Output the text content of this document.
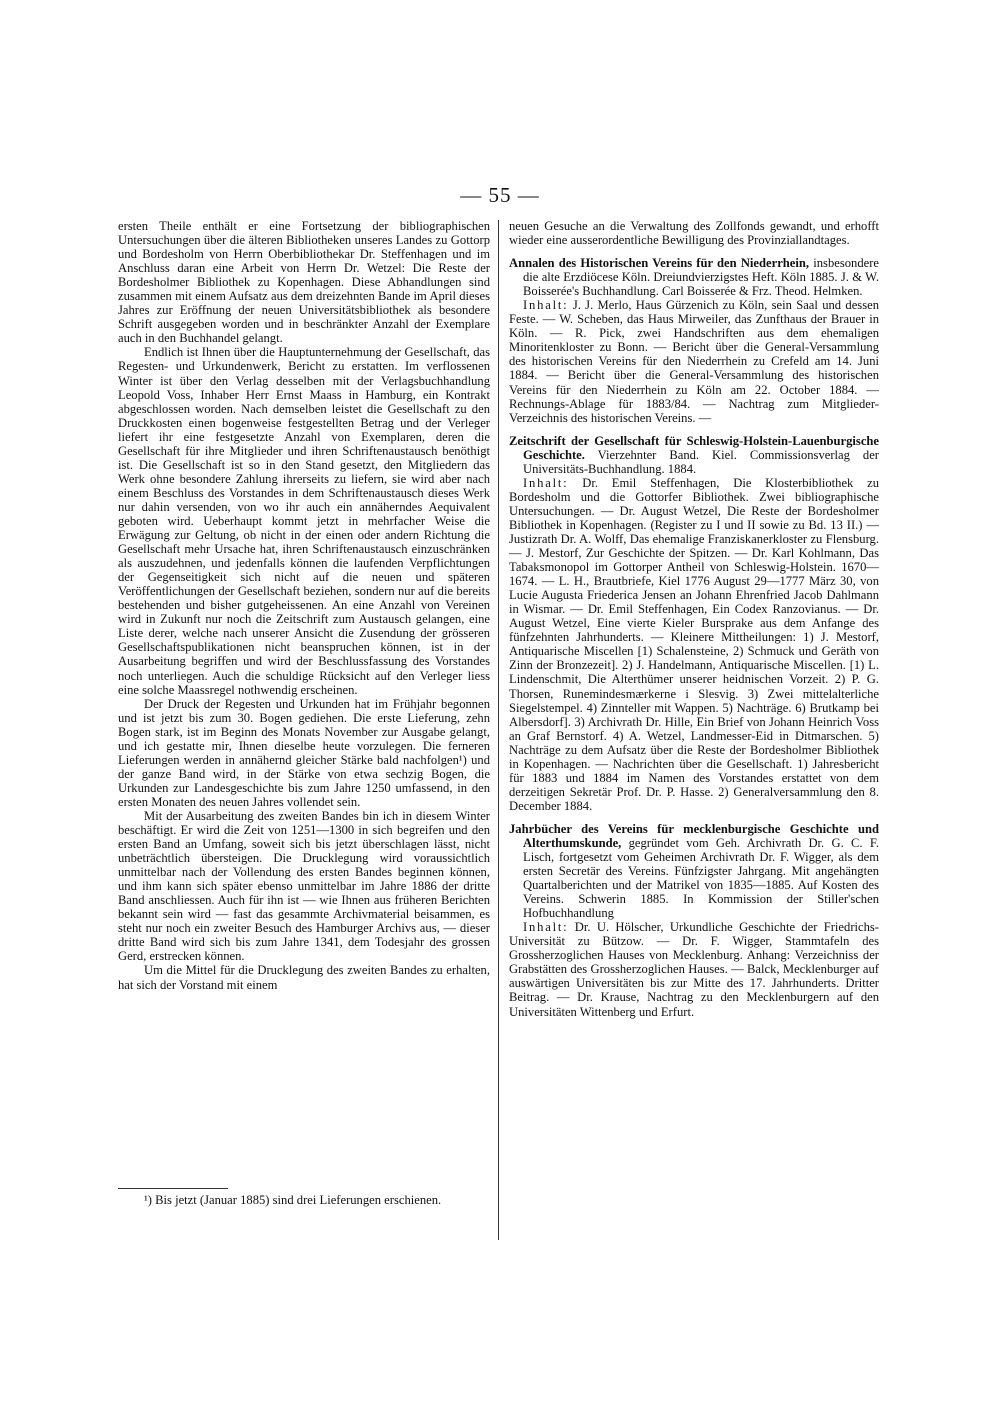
— 55 —

ersten Theile enthält er eine Fortsetzung der bibliographischen Untersuchungen über die älteren Bibliotheken unseres Landes zu Gottorp und Bordesholm von Herrn Oberbibliothekar Dr. Steffenhagen und im Anschluss daran eine Arbeit von Herrn Dr. Wetzel: Die Reste der Bordesholmer Bibliothek zu Kopenhagen. Diese Abhandlungen sind zusammen mit einem Aufsatz aus dem dreizehnten Bande im April dieses Jahres zur Eröffnung der neuen Universitätsbibliothek als besondere Schrift ausgegeben worden und in beschränkter Anzahl der Exemplare auch in den Buchhandel gelangt.

Endlich ist Ihnen über die Hauptunternehmung der Gesellschaft, das Regesten- und Urkundenwerk, Bericht zu erstatten. Im verflossenen Winter ist über den Verlag desselben mit der Verlagsbuchhandlung Leopold Voss, Inhaber Herr Ernst Maass in Hamburg, ein Kontrakt abgeschlossen worden. Nach demselben leistet die Gesellschaft zu den Druckkosten einen bogenweise festgestellten Betrag und der Verleger liefert ihr eine festgesetzte Anzahl von Exemplaren, deren die Gesellschaft für ihre Mitglieder und ihren Schriftenaustausch benöthigt ist. Die Gesellschaft ist so in den Stand gesetzt, den Mitgliedern das Werk ohne besondere Zahlung ihrerseits zu liefern, sie wird aber nach einem Beschluss des Vorstandes in dem Schriftenaustausch dieses Werk nur dahin versenden, von wo ihr auch ein annäherndes Aequivalent geboten wird. Ueberhaupt kommt jetzt in mehrfacher Weise die Erwägung zur Geltung, ob nicht in der einen oder andern Richtung die Gesellschaft mehr Ursache hat, ihren Schriftenaustausch einzuschränken als auszudehnen, und jedenfalls können die laufenden Verpflichtungen der Gegenseitigkeit sich nicht auf die neuen und späteren Veröffentlichungen der Gesellschaft beziehen, sondern nur auf die bereits bestehenden und bisher gutgeheissenen. An eine Anzahl von Vereinen wird in Zukunft nur noch die Zeitschrift zum Austausch gelangen, eine Liste derer, welche nach unserer Ansicht die Zusendung der grösseren Gesellschaftspublikationen nicht beanspruchen können, ist in der Ausarbeitung begriffen und wird der Beschlussfassung des Vorstandes noch unterliegen. Auch die schuldige Rücksicht auf den Verleger liess eine solche Maassregel nothwendig erscheinen.

Der Druck der Regesten und Urkunden hat im Frühjahr begonnen und ist jetzt bis zum 30. Bogen gediehen. Die erste Lieferung, zehn Bogen stark, ist im Beginn des Monats November zur Ausgabe gelangt, und ich gestatte mir, Ihnen dieselbe heute vorzulegen. Die ferneren Lieferungen werden in annähernd gleicher Stärke bald nachfolgen¹) und der ganze Band wird, in der Stärke von etwa sechzig Bogen, die Urkunden zur Landesgeschichte bis zum Jahre 1250 umfassend, in den ersten Monaten des neuen Jahres vollendet sein.

Mit der Ausarbeitung des zweiten Bandes bin ich in diesem Winter beschäftigt. Er wird die Zeit von 1251—1300 in sich begreifen und den ersten Band an Umfang, soweit sich bis jetzt überschlagen lässt, nicht unbeträchtlich übersteigen. Die Drucklegung wird voraussichtlich unmittelbar nach der Vollendung des ersten Bandes beginnen können, und ihm kann sich später ebenso unmittelbar im Jahre 1886 der dritte Band anschliessen. Auch für ihn ist — wie Ihnen aus früheren Berichten bekannt sein wird — fast das gesammte Archivmaterial beisammen, es steht nur noch ein zweiter Besuch des Hamburger Archivs aus, — dieser dritte Band wird sich bis zum Jahre 1341, dem Todesjahr des grossen Gerd, erstrecken können.

Um die Mittel für die Drucklegung des zweiten Bandes zu erhalten, hat sich der Vorstand mit einem

¹) Bis jetzt (Januar 1885) sind drei Lieferungen erschienen.

neuen Gesuche an die Verwaltung des Zollfonds gewandt, und erhofft wieder eine ausserordentliche Bewilligung des Provinziallandtages.

Annalen des Historischen Vereins für den Niederrhein, insbesondere die alte Erzdiöcese Köln. Dreiundvierzigstes Heft. Köln 1885. J. & W. Boisserée's Buchhandlung. Carl Boisserée & Frz. Theod. Helmken.

Inhalt: J. J. Merlo, Haus Gürzenich zu Köln, sein Saal und dessen Feste. — W. Scheben, das Haus Mirweiler, das Zunfthaus der Brauer in Köln. — R. Pick, zwei Handschriften aus dem ehemaligen Minoritenkloster zu Bonn. — Bericht über die General-Versammlung des historischen Vereins für den Niederrhein zu Crefeld am 14. Juni 1884. — Bericht über die General-Versammlung des historischen Vereins für den Niederrhein zu Köln am 22. October 1884. — Rechnungs-Ablage für 1883/84. — Nachtrag zum Mitglieder-Verzeichnis des historischen Vereins. —

Zeitschrift der Gesellschaft für Schleswig-Holstein-Lauenburgische Geschichte. Vierzehnter Band. Kiel. Commissionsverlag der Universitäts-Buchhandlung. 1884.

Inhalt: Dr. Emil Steffenhagen, Die Klosterbibliothek zu Bordesholm und die Gottorfer Bibliothek. Zwei bibliographische Untersuchungen. — Dr. August Wetzel, Die Reste der Bordesholmer Bibliothek in Kopenhagen. (Register zu I und II sowie zu Bd. 13 II.) — Justizrath Dr. A. Wolff, Das ehemalige Franziskanerkloster zu Flensburg. — J. Mestorf, Zur Geschichte der Spitzen. — Dr. Karl Kohlmann, Das Tabaksmonopol im Gottorper Antheil von Schleswig-Holstein. 1670—1674. — L. H., Brautbriefe, Kiel 1776 August 29—1777 März 30, von Lucie Augusta Friederica Jensen an Johann Ehrenfried Jacob Dahlmann in Wismar. — Dr. Emil Steffenhagen, Ein Codex Ranzovianus. — Dr. August Wetzel, Eine vierte Kieler Bursprake aus dem Anfange des fünfzehnten Jahrhunderts. — Kleinere Mittheilungen: 1) J. Mestorf, Antiquarische Miscellen [1) Schalensteine, 2) Schmuck und Geräth von Zinn der Bronzezeit]. 2) J. Handelmann, Antiquarische Miscellen. [1) L. Lindenschmit, Die Alterthümer unserer heidnischen Vorzeit. 2) P. G. Thorsen, Runemindesmærkerne i Slesvig. 3) Zwei mittelalterliche Siegelstempel. 4) Zinnteller mit Wappen. 5) Nachträge. 6) Brutkamp bei Albersdorf]. 3) Archivrath Dr. Hille, Ein Brief von Johann Heinrich Voss an Graf Bernstorf. 4) A. Wetzel, Landmesser-Eid in Ditmarschen. 5) Nachträge zu dem Aufsatz über die Reste der Bordesholmer Bibliothek in Kopenhagen. — Nachrichten über die Gesellschaft. 1) Jahresbericht für 1883 und 1884 im Namen des Vorstandes erstattet von dem derzeitigen Sekretär Prof. Dr. P. Hasse. 2) Generalversammlung den 8. December 1884.

Jahrbücher des Vereins für mecklenburgische Geschichte und Alterthumskunde, gegründet vom Geh. Archivrath Dr. G. C. F. Lisch, fortgesetzt vom Geheimen Archivrath Dr. F. Wigger, als dem ersten Secretär des Vereins. Fünfzigster Jahrgang. Mit angehängten Quartalberichten und der Matrikel von 1835—1885. Auf Kosten des Vereins. Schwerin 1885. In Kommission der Stiller'schen Hofbuchhandlung

Inhalt: Dr. U. Hölscher, Urkundliche Geschichte der Friedrichs-Universität zu Bützow. — Dr. F. Wigger, Stammtafeln des Grossherzoglichen Hauses von Mecklenburg. Anhang: Verzeichniss der Grabstätten des Grossherzoglichen Hauses. — Balck, Mecklenburger auf auswärtigen Universitäten bis zur Mitte des 17. Jahrhunderts. Dritter Beitrag. — Dr. Krause, Nachtrag zu den Mecklenburgern auf den Universitäten Wittenberg und Erfurt.
